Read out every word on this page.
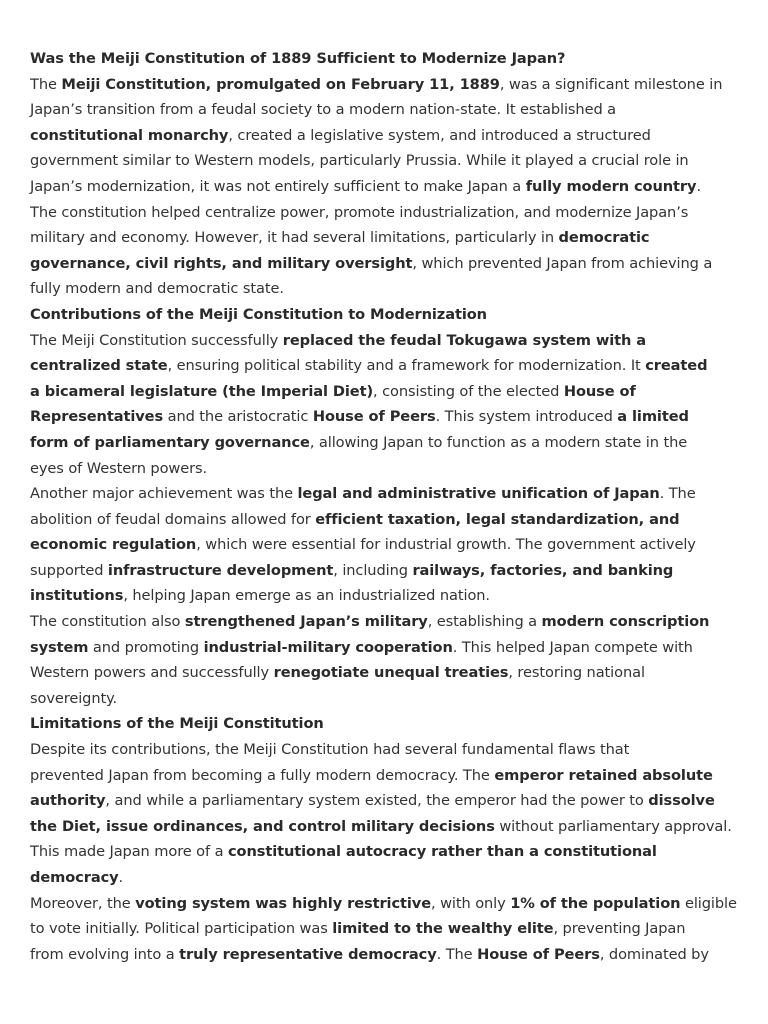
Was the Meiji Constitution of 1889 Sufficient to Modernize Japan?
The Meiji Constitution, promulgated on February 11, 1889, was a significant milestone in
Japan’s transition from a feudal society to a modern nation-state. It established a
constitutional monarchy, created a legislative system, and introduced a structured
government similar to Western models, particularly Prussia. While it played a crucial role in
Japan’s modernization, it was not entirely sufficient to make Japan a fully modern country.
The constitution helped centralize power, promote industrialization, and modernize Japan’s
military and economy. However, it had several limitations, particularly in democratic
governance, civil rights, and military oversight, which prevented Japan from achieving a
fully modern and democratic state.
Contributions of the Meiji Constitution to Modernization
The Meiji Constitution successfully replaced the feudal Tokugawa system with a
centralized state, ensuring political stability and a framework for modernization. It created
a bicameral legislature (the Imperial Diet), consisting of the elected House of
Representatives and the aristocratic House of Peers. This system introduced a limited
form of parliamentary governance, allowing Japan to function as a modern state in the
eyes of Western powers.
Another major achievement was the legal and administrative unification of Japan. The
abolition of feudal domains allowed for efficient taxation, legal standardization, and
economic regulation, which were essential for industrial growth. The government actively
supported infrastructure development, including railways, factories, and banking
institutions, helping Japan emerge as an industrialized nation.
The constitution also strengthened Japan’s military, establishing a modern conscription
system and promoting industrial-military cooperation. This helped Japan compete with
Western powers and successfully renegotiate unequal treaties, restoring national
sovereignty.
Limitations of the Meiji Constitution
Despite its contributions, the Meiji Constitution had several fundamental flaws that
prevented Japan from becoming a fully modern democracy. The emperor retained absolute
authority, and while a parliamentary system existed, the emperor had the power to dissolve
the Diet, issue ordinances, and control military decisions without parliamentary approval.
This made Japan more of a constitutional autocracy rather than a constitutional
democracy.
Moreover, the voting system was highly restrictive, with only 1% of the population eligible
to vote initially. Political participation was limited to the wealthy elite, preventing Japan
from evolving into a truly representative democracy. The House of Peers, dominated by
